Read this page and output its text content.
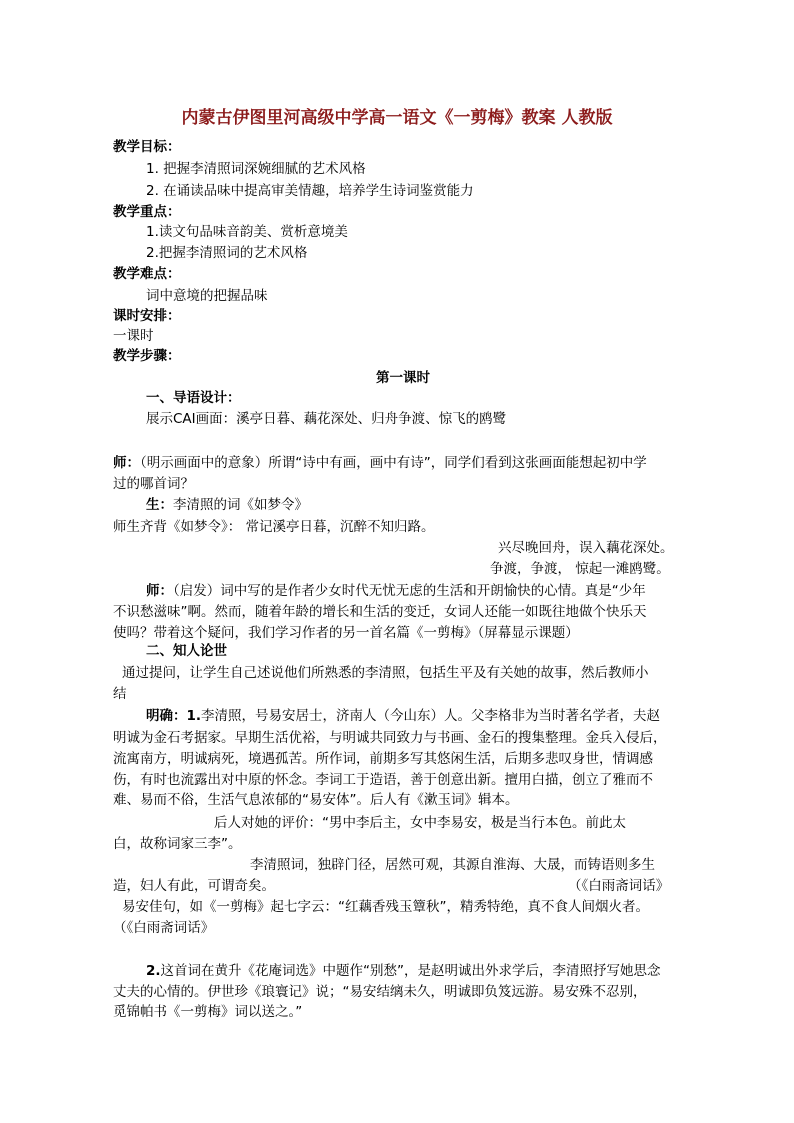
内蒙古伊图里河高级中学高一语文《一剪梅》教案 人教版
教学目标：
1. 把握李清照词深婉细腻的艺术风格
2. 在诵读品味中提高审美情趣，培养学生诗词鉴赏能力
教学重点：
1.读文句品味音韵美、赏析意境美
2.把握李清照词的艺术风格
教学难点：
词中意境的把握品味
课时安排：
一课时
教学步骤：
第一课时
一、导语设计：
展示CAI画面：溪亭日暮、藕花深处、归舟争渡、惊飞的鸥鹭
师：（明示画面中的意象）所谓“诗中有画，画中有诗”，同学们看到这张画面能想起初中学
过的哪首词？
生：李清照的词《如梦令》
师生齐背《如梦令》： 常记溪亭日暮，沉醉不知归路。
兴尽晚回舟，误入藕花深处。
争渡，争渡， 惊起一滩鸥鹭。
师：（启发）词中写的是作者少女时代无忧无虑的生活和开朗愉快的心情。真是“少年
不识愁滋味”啊。然而，随着年龄的增长和生活的变迁，女词人还能一如既往地做个快乐天
使吗？带着这个疑问，我们学习作者的另一首名篇《一剪梅》（屏幕显示课题）
二、知人论世
通过提问，让学生自己述说他们所熟悉的李清照，包括生平及有关她的故事，然后教师小
结
明确：1.李清照，号易安居士，济南人（今山东）人。父李格非为当时著名学者，夫赵
明诚为金石考据家。早期生活优裕，与明诚共同致力与书画、金石的搜集整理。金兵入侵后，
流寓南方，明诚病死，境遇孤苦。所作词，前期多写其悠闲生活，后期多悲叹身世，情调感
伤，有时也流露出对中原的怀念。李词工于造语，善于创意出新。擅用白描，创立了雅而不
难、易而不俗，生活气息浓郁的“易安体”。后人有《漱玉词》辑本。
后人对她的评价：“男中李后主，女中李易安，极是当行本色。前此太
白，故称词家三李”。
李清照词，独辟门径，居然可观，其源自淮海、大晟，而铸语则多生
造，妇人有此，可谓奇矣。	（《白雨斋词话》
易安佳句，如《一剪梅》起七字云：“红藕香残玉簟秋”，精秀特绝，真不食人间烟火者。
（《白雨斋词话》
2.这首词在黄升《花庵词选》中题作“别愁”，是赵明诚出外求学后，李清照抒写她思念
丈夫的心情的。伊世珍《琅寰记》说；“易安结缡未久，明诚即负笈远游。易安殊不忍别，
觅锦帕书《一剪梅》词以送之。”
